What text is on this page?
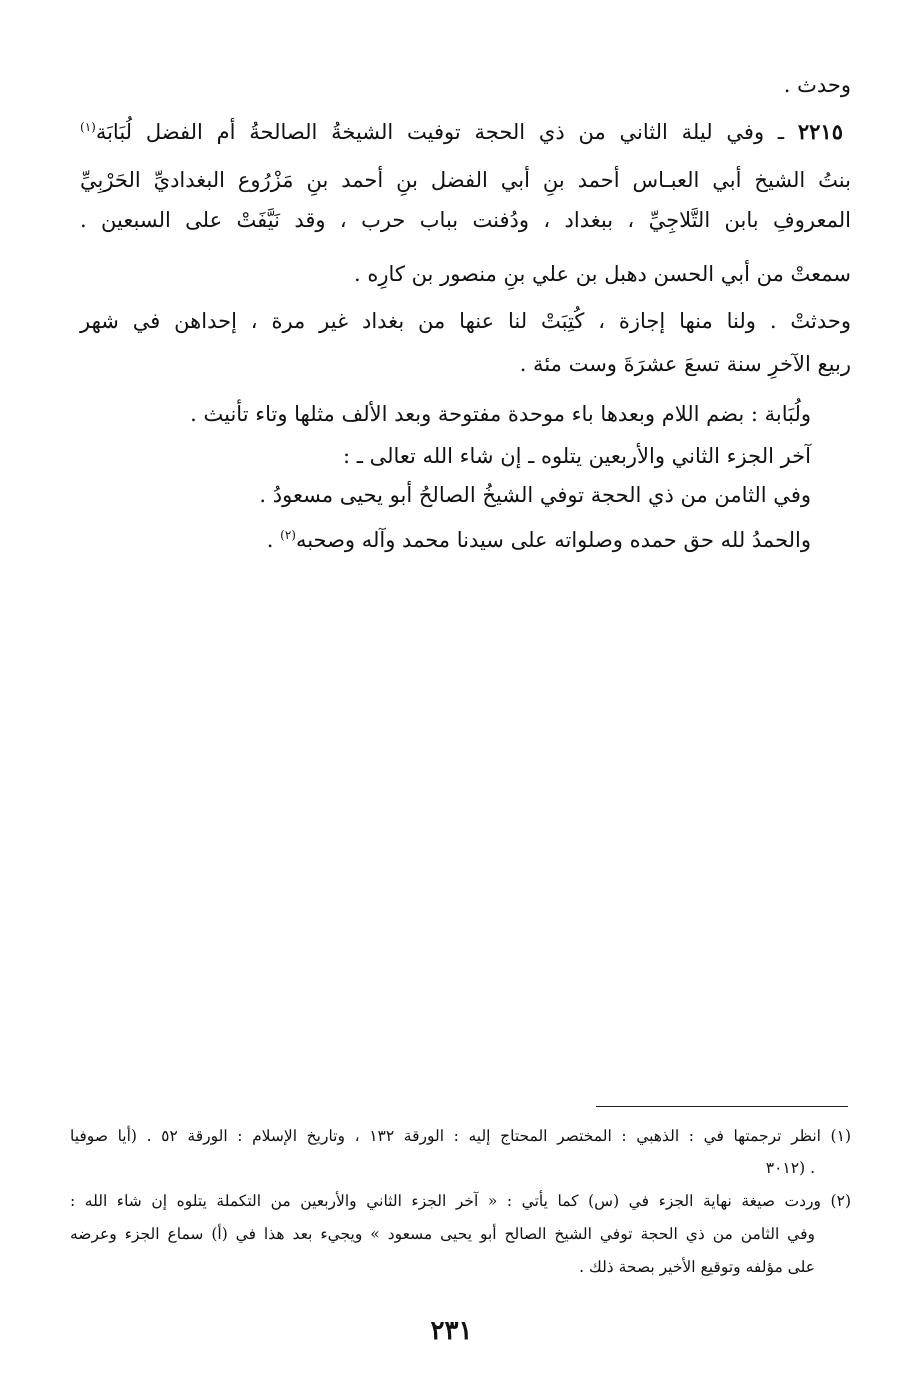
وحدث .
٢٢١٥ ـ وفي ليلة الثاني من ذي الحجة توفيت الشيخةُ الصالحةُ أم الفضل لُبَابَة$^{(١)}$
بنتُ الشيخ أبي العبـاس أحمد بنِ أبي الفضل بنِ أحمد بنِ مَزْرُوع البغداديِّ الحَرْبِيِّ
المعروفِ بابن التَّلاجِيِّ ، ببغداد ، ودُفنت بباب حرب ، وقد نَيَّفَتْ على السبعين .
سمعتْ من أبي الحسن دهبل بن علي بنِ منصور بن كارِه .
وحدثتْ . ولنا منها إجازة ، كُتِبَتْ لنا عنها من بغداد غير مرة ، إحداهن في شهر
ربيع الآخرِ سنة تسعَ عشرَةَ وست مئة .
ولُبَابة : بضم اللام وبعدها باء موحدة مفتوحة وبعد الألف مثلها وتاء تأنيث .
آخر الجزء الثاني والأربعين يتلوه ـ إن شاء الله تعالى ـ :
وفي الثامن من ذي الحجة توفي الشيخُ الصالحُ أبو يحيى مسعودُ .
والحمدُ لله حق حمده وصلواته على سيدنا محمد وآله وصحبه$^{(٢)}$ .
(١) انظر ترجمتها في : الذهبي : المختصر المحتاج إليه : الورقة ١٣٢ ، وتاريخ الإسلام : الورقة ٥٢ . (أيا صوفيا
٣٠١٢) .
(٢) وردت صيغة نهاية الجزء في (س) كما يأتي : « آخر الجزء الثاني والأربعين من التكملة يتلوه إن شاء الله :
وفي الثامن من ذي الحجة توفي الشيخ الصالح أبو يحيى مسعود » ويجيء بعد هذا في (أ) سماع الجزء وعرضه
على مؤلفه وتوقيع الأخير بصحة ذلك .
٢٣١
